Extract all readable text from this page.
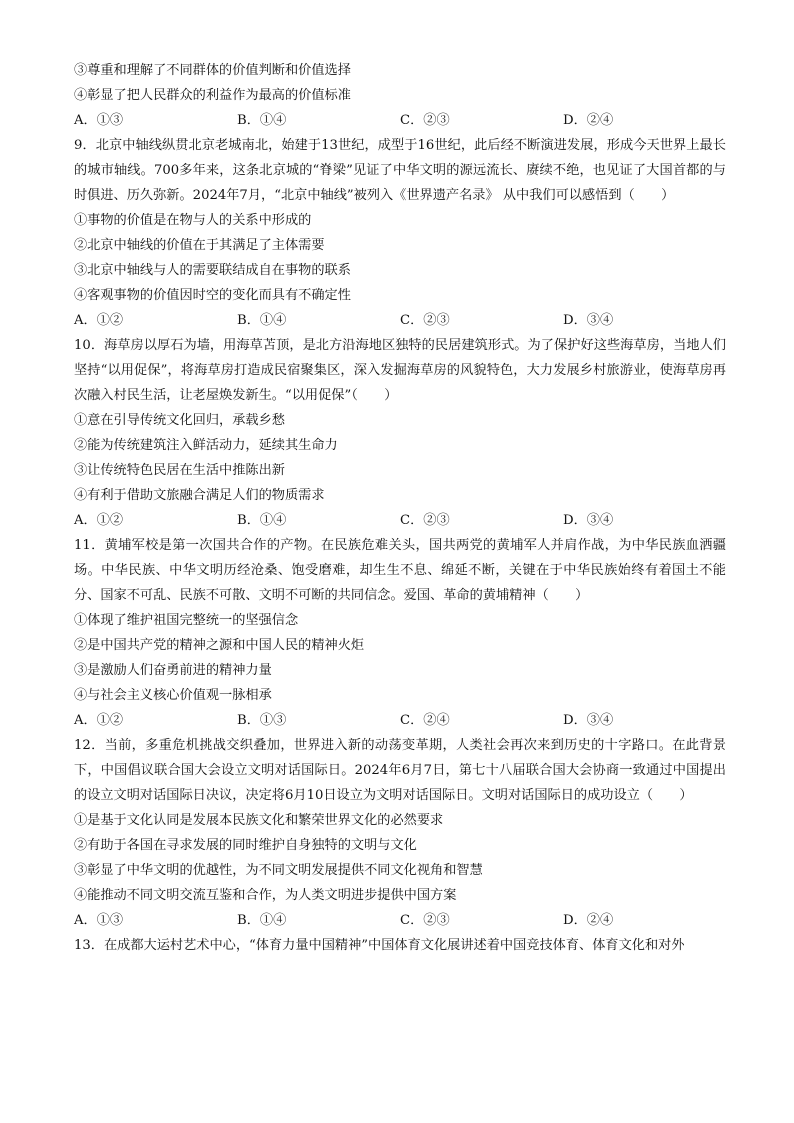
③尊重和理解了不同群体的价值判断和价值选择
④彰显了把人民群众的利益作为最高的价值标准
A．①③	B．①④	C．②③	D．②④
9．北京中轴线纵贯北京老城南北，始建于13世纪，成型于16世纪，此后经不断演进发展，形成今天世界上最长的城市轴线。700多年来，这条北京城的“脊梁”见证了中华文明的源远流长、赓续不绝，也见证了大国首都的与时俱进、历久弥新。2024年7月，“北京中轴线”被列入《世界遗产名录》 从中我们可以感悟到（　　）
①事物的价值是在物与人的关系中形成的
②北京中轴线的价值在于其满足了主体需要
③北京中轴线与人的需要联结成自在事物的联系
④客观事物的价值因时空的变化而具有不确定性
A．①②	B．①④	C．②③	D．③④
10．海草房以厚石为墙，用海草苫顶，是北方沿海地区独特的民居建筑形式。为了保护好这些海草房，当地人们坚持“以用促保”，将海草房打造成民宿聚集区，深入发掘海草房的风貌特色，大力发展乡村旅游业，使海草房再次融入村民生活，让老屋焕发新生。“以用促保”（　　）
①意在引导传统文化回归，承载乡愁
②能为传统建筑注入鲜活动力，延续其生命力
③让传统特色民居在生活中推陈出新
④有利于借助文旅融合满足人们的物质需求
A．①②	B．①④	C．②③	D．③④
11．黄埔军校是第一次国共合作的产物。在民族危难关头，国共两党的黄埔军人并肩作战，为中华民族血洒疆场。中华民族、中华文明历经沧桑、饱受磨难，却生生不息、绵延不断，关键在于中华民族始终有着国土不能分、国家不可乱、民族不可散、文明不可断的共同信念。爱国、革命的黄埔精神（　　）
①体现了维护祖国完整统一的坚强信念
②是中国共产党的精神之源和中国人民的精神火炬
③是激励人们奋勇前进的精神力量
④与社会主义核心价值观一脉相承
A．①②	B．①③	C．②④	D．③④
12．当前，多重危机挑战交织叠加，世界进入新的动荡变革期，人类社会再次来到历史的十字路口。在此背景下，中国倡议联合国大会设立文明对话国际日。2024年6月7日，第七十八届联合国大会协商一致通过中国提出的设立文明对话国际日决议，决定将6月10日设立为文明对话国际日。文明对话国际日的成功设立（　　）
①是基于文化认同是发展本民族文化和繁荣世界文化的必然要求
②有助于各国在寻求发展的同时维护自身独特的文明与文化
③彰显了中华文明的优越性，为不同文明发展提供不同文化视角和智慧
④能推动不同文明交流互鉴和合作，为人类文明进步提供中国方案
A．①③	B．①④	C．②③	D．②④
13．在成都大运村艺术中心，“体育力量中国精神”中国体育文化展讲述着中国竞技体育、体育文化和对外
